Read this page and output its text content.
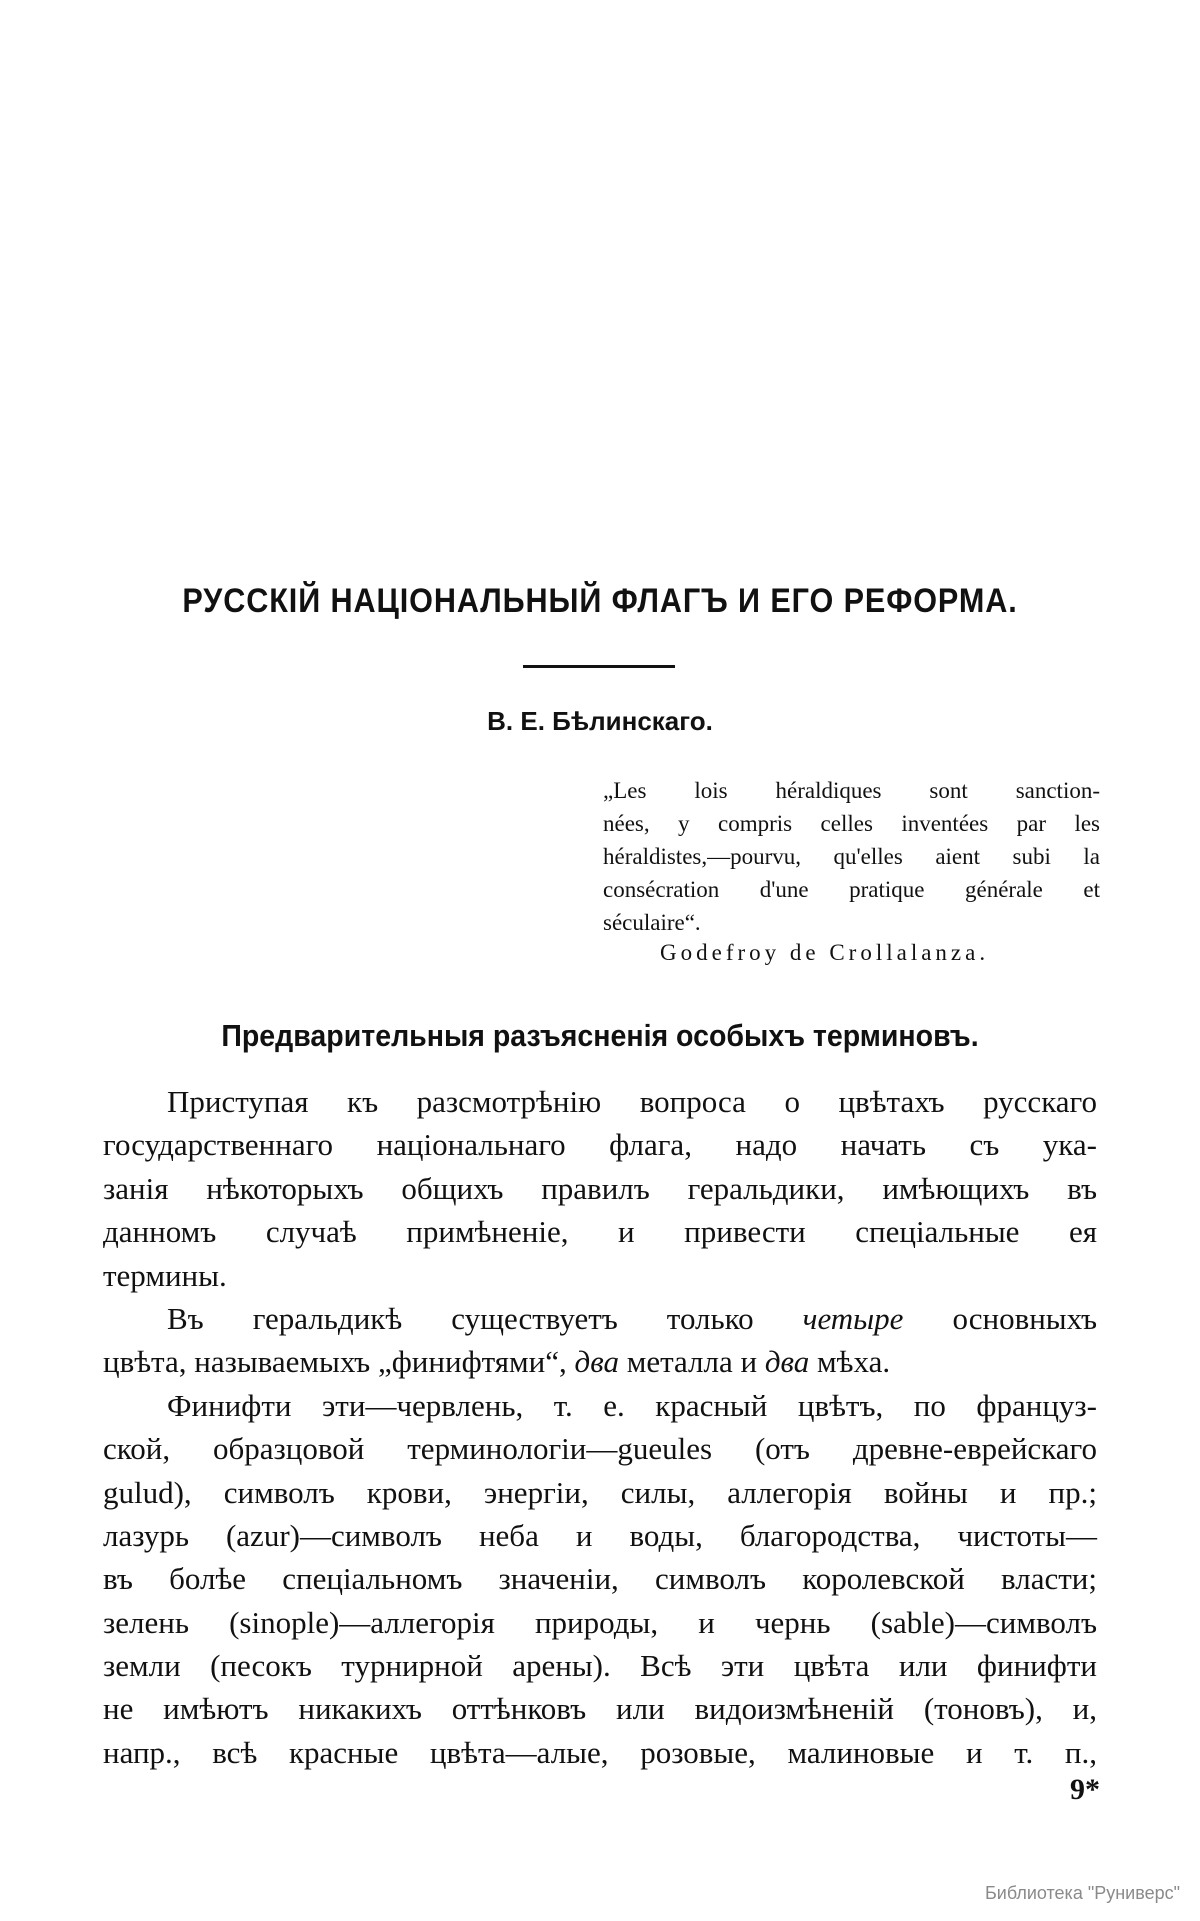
РУССКІЙ НАЦІОНАЛЬНЫЙ ФЛАГЪ И ЕГО РЕФОРМА.
В. Е. Бѣлинскаго.
„Les lois héraldiques sont sanction-
nées, y compris celles inventées par les
héraldistes,—pourvu, qu'elles aient subi la
consécration d'une pratique générale et
séculaire“.
Godefroy de Crollalanza.
Предварительныя разъясненія особыхъ терминовъ.
Приступая къ разсмотрѣнію вопроса о цвѣтахъ русскаго
государственнаго національнаго флага, надо начать съ ука-
занія нѣкоторыхъ общихъ правилъ геральдики, имѣющихъ въ
данномъ случаѣ примѣненіе, и привести спеціальные ея
термины.
Въ геральдикѣ существуетъ только четыре основныхъ
цвѣта, называемыхъ „финифтями“, два металла и два мѣха.
Финифти эти—червлень, т. е. красный цвѣтъ, по француз-
ской, образцовой терминологіи—gueules (отъ древне-еврейскаго
gulud), символъ крови, энергіи, силы, аллегорія войны и пр.;
лазурь (azur)—символъ неба и воды, благородства, чистоты—
въ болѣе спеціальномъ значеніи, символъ королевской власти;
зелень (sinople)—аллегорія природы, и чернь (sable)—символъ
земли (песокъ турнирной арены). Всѣ эти цвѣта или финифти
не имѣютъ никакихъ оттѣнковъ или видоизмѣненій (тоновъ), и,
напр., всѣ красные цвѣта—алые, розовые, малиновые и т. п.,
9*
Библиотека "Руниверс"
